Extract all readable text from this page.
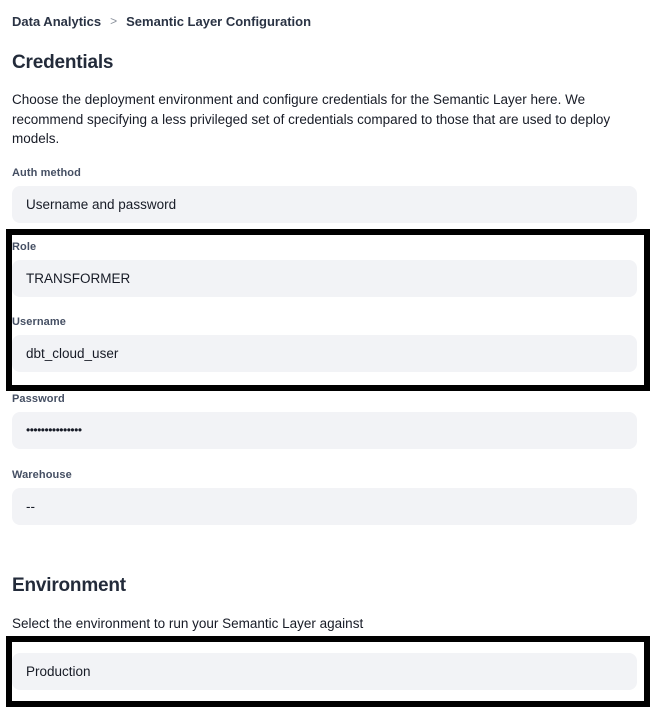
Data Analytics > Semantic Layer Configuration
Credentials

Choose the deployment environment and configure credentials for the Semantic Layer here. We recommend specifying a less privileged set of credentials compared to those that are used to deploy models.

Auth method
Username and password
Role
TRANSFORMER
Username
dbt_cloud_user
Password
•••••••••••••••
Warehouse
--
Environment

Select the environment to run your Semantic Layer against

Production
